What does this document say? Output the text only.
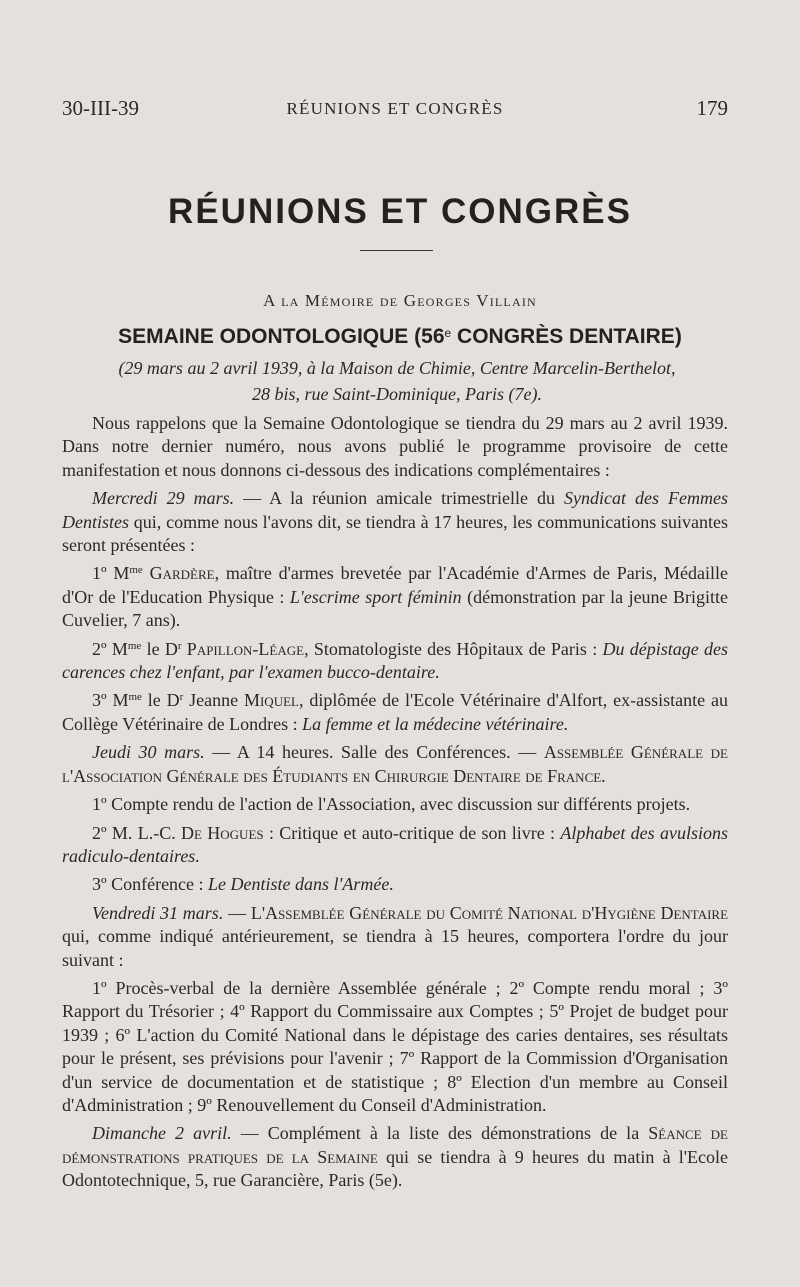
30-III-39	RÉUNIONS ET CONGRÈS	179
RÉUNIONS ET CONGRÈS
A la Mémoire de Georges Villain
SEMAINE ODONTOLOGIQUE (56e CONGRÈS DENTAIRE)
(29 mars au 2 avril 1939, à la Maison de Chimie, Centre Marcelin-Berthelot,
28 bis, rue Saint-Dominique, Paris (7e).

Nous rappelons que la Semaine Odontologique se tiendra du 29 mars au 2 avril 1939. Dans notre dernier numéro, nous avons publié le programme provisoire de cette manifestation et nous donnons ci-dessous des indications complémentaires :

Mercredi 29 mars. — A la réunion amicale trimestrielle du Syndicat des Femmes Dentistes qui, comme nous l'avons dit, se tiendra à 17 heures, les communications suivantes seront présentées :

1º $M^{me}$ Gardère, maître d'armes brevetée par l'Académie d'Armes de Paris, Médaille d'Or de l'Education Physique : L'escrime sport féminin (démonstration par la jeune Brigitte Cuvelier, 7 ans).

2º $M^{me}$ le $D^r$ Papillon-Léage, Stomatologiste des Hôpitaux de Paris : Du dépistage des carences chez l'enfant, par l'examen bucco-dentaire.

3º $M^{me}$ le $D^r$ Jeanne Miquel, diplômée de l'Ecole Vétérinaire d'Alfort, ex-assistante au Collège Vétérinaire de Londres : La femme et la médecine vétérinaire.

Jeudi 30 mars. — A 14 heures. Salle des Conférences. — Assemblée Générale de l'Association Générale des Étudiants en Chirurgie Dentaire de France.

1º Compte rendu de l'action de l'Association, avec discussion sur différents projets.

2º M. L.-C. De Hogues : Critique et auto-critique de son livre : Alphabet des avulsions radiculo-dentaires.

3º Conférence : Le Dentiste dans l'Armée.

Vendredi 31 mars. — L'Assemblée Générale du Comité National d'Hygiène Dentaire qui, comme indiqué antérieurement, se tiendra à 15 heures, comportera l'ordre du jour suivant :

1º Procès-verbal de la dernière Assemblée générale ; 2º Compte rendu moral ; 3º Rapport du Trésorier ; 4º Rapport du Commissaire aux Comptes ; 5º Projet de budget pour 1939 ; 6º L'action du Comité National dans le dépistage des caries dentaires, ses résultats pour le présent, ses prévisions pour l'avenir ; 7º Rapport de la Commission d'Organisation d'un service de documentation et de statistique ; 8º Election d'un membre au Conseil d'Administration ; 9º Renouvellement du Conseil d'Administration.

Dimanche 2 avril. — Complément à la liste des démonstrations de la Séance de démonstrations pratiques de la Semaine qui se tiendra à 9 heures du matin à l'Ecole Odontotechnique, 5, rue Garancière, Paris (5e).
